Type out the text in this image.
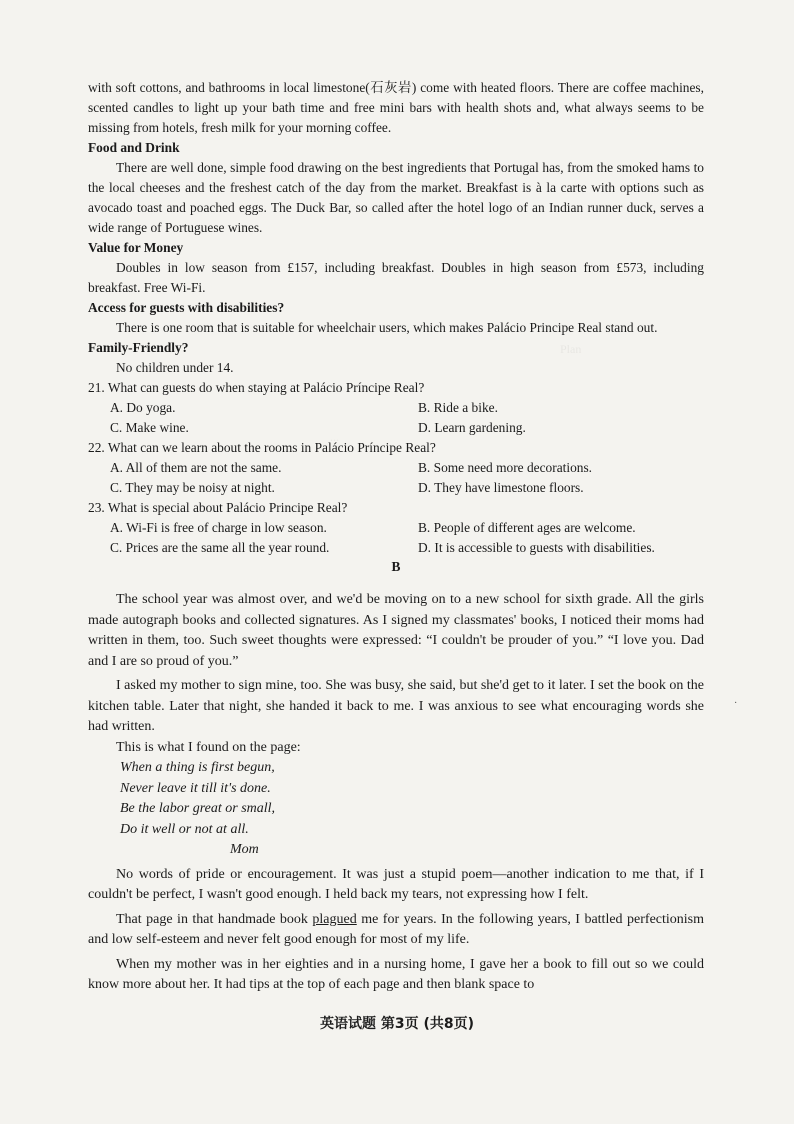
Plan
...

with soft cottons, and bathrooms in local limestone(石灰岩) come with heated floors. There are coffee machines, scented candles to light up your bath time and free mini bars with health shots and, what always seems to be missing from hotels, fresh milk for your morning coffee.

Food and Drink

There are well done, simple food drawing on the best ingredients that Portugal has, from the smoked hams to the local cheeses and the freshest catch of the day from the market. Breakfast is à la carte with options such as avocado toast and poached eggs. The Duck Bar, so called after the hotel logo of an Indian runner duck, serves a wide range of Portuguese wines.

Value for Money

Doubles in low season from £157, including breakfast. Doubles in high season from £573, including breakfast. Free Wi-Fi.

Access for guests with disabilities?

There is one room that is suitable for wheelchair users, which makes Palácio Principe Real stand out.

Family-Friendly?

No children under 14.

21. What can guests do when staying at Palácio Príncipe Real?

A. Do yoga.	B. Ride a bike.
C. Make wine.	D. Learn gardening.

22. What can we learn about the rooms in Palácio Príncipe Real?

A. All of them are not the same.	B. Some need more decorations.
C. They may be noisy at night.	D. They have limestone floors.

23. What is special about Palácio Principe Real?

A. Wi-Fi is free of charge in low season.	B. People of different ages are welcome.
C. Prices are the same all the year round.	D. It is accessible to guests with disabilities.

B

The school year was almost over, and we'd be moving on to a new school for sixth grade. All the girls made autograph books and collected signatures. As I signed my classmates' books, I noticed their moms had written in them, too. Such sweet thoughts were expressed: “I couldn't be prouder of you.” “I love you. Dad and I are so proud of you.”

I asked my mother to sign mine, too. She was busy, she said, but she'd get to it later. I set the book on the kitchen table. Later that night, she handed it back to me. I was anxious to see what encouraging words she had written.

This is what I found on the page:

When a thing is first begun,
Never leave it till it's done.
Be the labor great or small,
Do it well or not at all.
Mom

No words of pride or encouragement. It was just a stupid poem—another indication to me that, if I couldn't be perfect, I wasn't good enough. I held back my tears, not expressing how I felt.

That page in that handmade book plagued me for years. In the following years, I battled perfectionism and low self-esteem and never felt good enough for most of my life.

When my mother was in her eighties and in a nursing home, I gave her a book to fill out so we could know more about her. It had tips at the top of each page and then blank space to

·
英语试题 第3页 (共8页)
